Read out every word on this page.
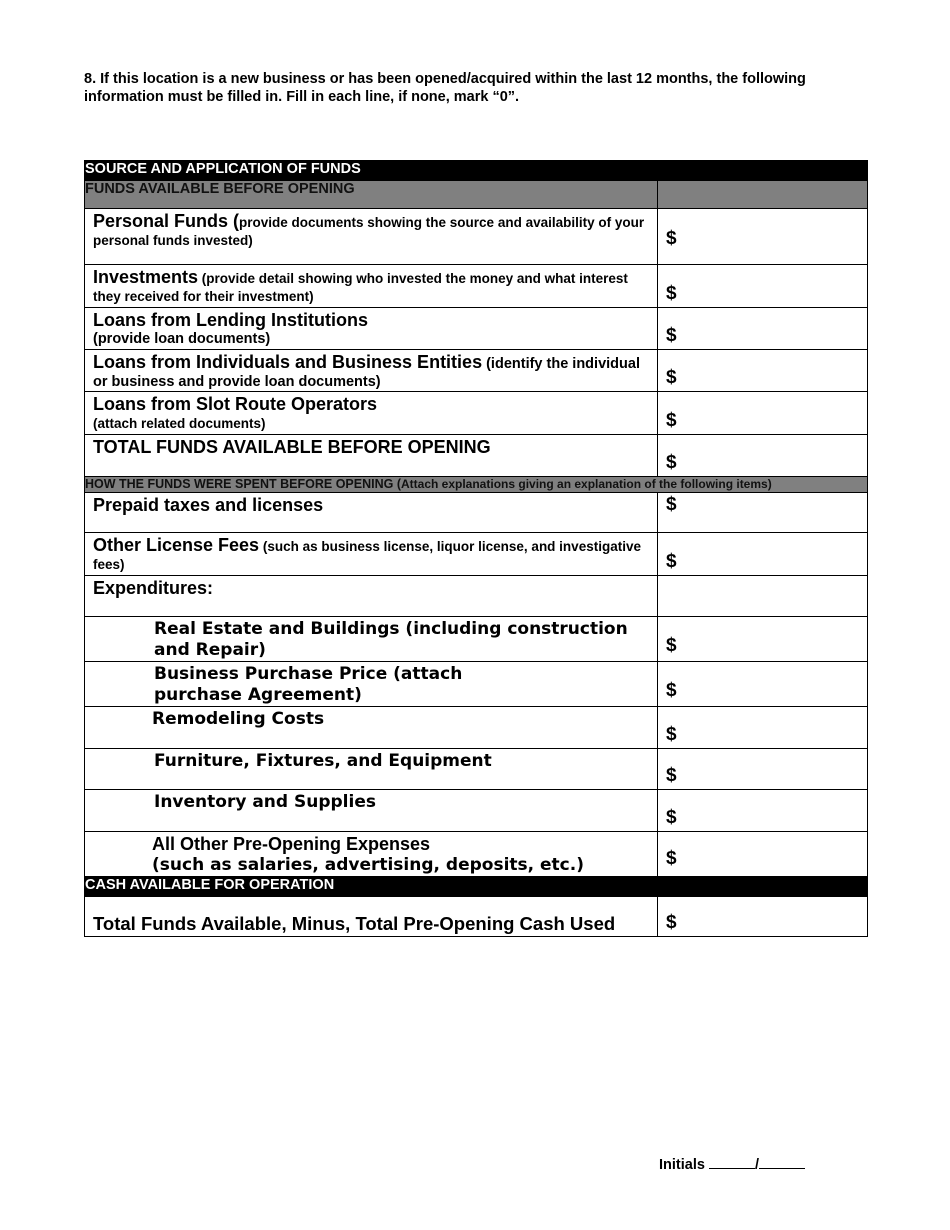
8. If this location is a new business or has been opened/acquired within the last 12 months, the following information must be filled in. Fill in each line, if none, mark “0”.
SOURCE AND APPLICATION OF FUNDS	
FUNDS AVAILABLE BEFORE OPENING	
Personal Funds (provide documents showing the source and availability of your personal funds invested)	$

Investments (provide detail showing who invested the money and what interest they received for their investment)	$

Loans from Lending Institutions
(provide loan documents)	$

Loans from Individuals and Business Entities (identify the individual or business and provide loan documents)	$

Loans from Slot Route Operators
(attach related documents)	$

TOTAL FUNDS AVAILABLE BEFORE OPENING	$

HOW THE FUNDS WERE SPENT BEFORE OPENING (Attach explanations giving an explanation of the following items)	

Prepaid taxes and licenses	$

Other License Fees (such as business license, liquor license, and investigative fees)	$

Expenditures:	

Real Estate and Buildings (including construction and Repair)	$

Business Purchase Price (attach purchase Agreement)	$

Remodeling Costs	$

Furniture, Fixtures, and Equipment	$

Inventory and Supplies	$

All Other Pre-Opening Expenses
(such as salaries, advertising, deposits, etc.)	$

CASH AVAILABLE FOR OPERATION	

Total Funds Available, Minus, Total Pre-Opening Cash Used	$
Initials	/
